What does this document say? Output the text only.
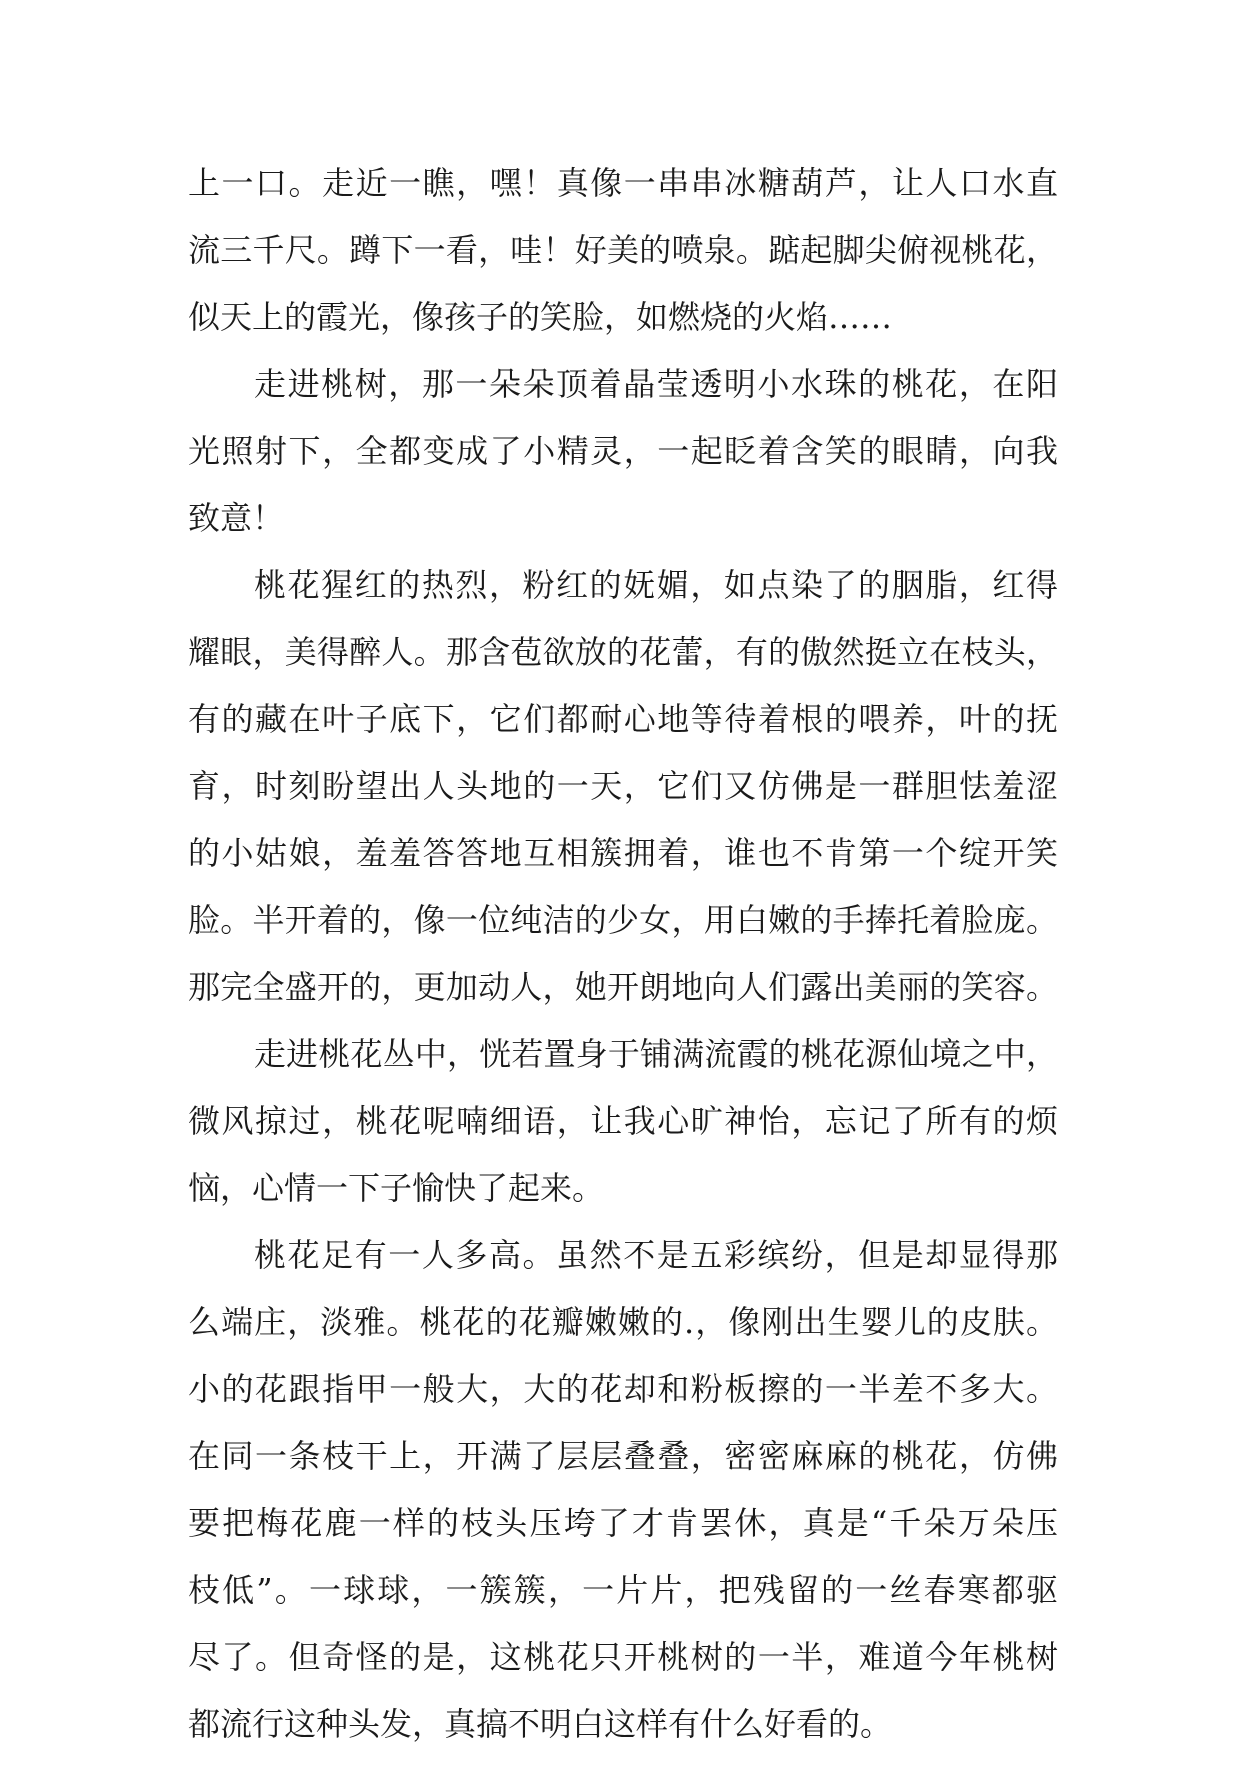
上一口。走近一瞧，嘿！真像一串串冰糖葫芦，让人口水直
流三千尺。蹲下一看，哇！好美的喷泉。踮起脚尖俯视桃花，
似天上的霞光，像孩子的笑脸，如燃烧的火焰……
走进桃树，那一朵朵顶着晶莹透明小水珠的桃花，在阳
光照射下，全都变成了小精灵，一起眨着含笑的眼睛，向我
致意！
桃花猩红的热烈，粉红的妩媚，如点染了的胭脂，红得
耀眼，美得醉人。那含苞欲放的花蕾，有的傲然挺立在枝头，
有的藏在叶子底下，它们都耐心地等待着根的喂养，叶的抚
育，时刻盼望出人头地的一天，它们又仿佛是一群胆怯羞涩
的小姑娘，羞羞答答地互相簇拥着，谁也不肯第一个绽开笑
脸。半开着的，像一位纯洁的少女，用白嫩的手捧托着脸庞。
那完全盛开的，更加动人，她开朗地向人们露出美丽的笑容。
走进桃花丛中，恍若置身于铺满流霞的桃花源仙境之中，
微风掠过，桃花呢喃细语，让我心旷神怡，忘记了所有的烦
恼，心情一下子愉快了起来。
桃花足有一人多高。虽然不是五彩缤纷，但是却显得那
么端庄，淡雅。桃花的花瓣嫩嫩的.，像刚出生婴儿的皮肤。
小的花跟指甲一般大，大的花却和粉板擦的一半差不多大。
在同一条枝干上，开满了层层叠叠，密密麻麻的桃花，仿佛
要把梅花鹿一样的枝头压垮了才肯罢休，真是“千朵万朵压
枝低”。一球球，一簇簇，一片片，把残留的一丝春寒都驱
尽了。但奇怪的是，这桃花只开桃树的一半，难道今年桃树
都流行这种头发，真搞不明白这样有什么好看的。
